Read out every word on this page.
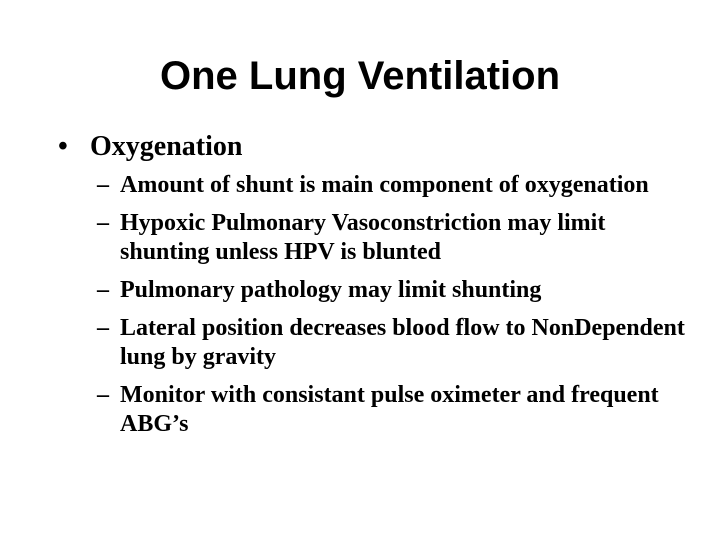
One Lung Ventilation
• Oxygenation
– Amount of shunt is main component of oxygenation
– Hypoxic Pulmonary Vasoconstriction may limit shunting unless HPV is blunted
– Pulmonary pathology may limit shunting
– Lateral position decreases blood flow to NonDependent lung by gravity
– Monitor with consistant pulse oximeter and frequent ABG’s
